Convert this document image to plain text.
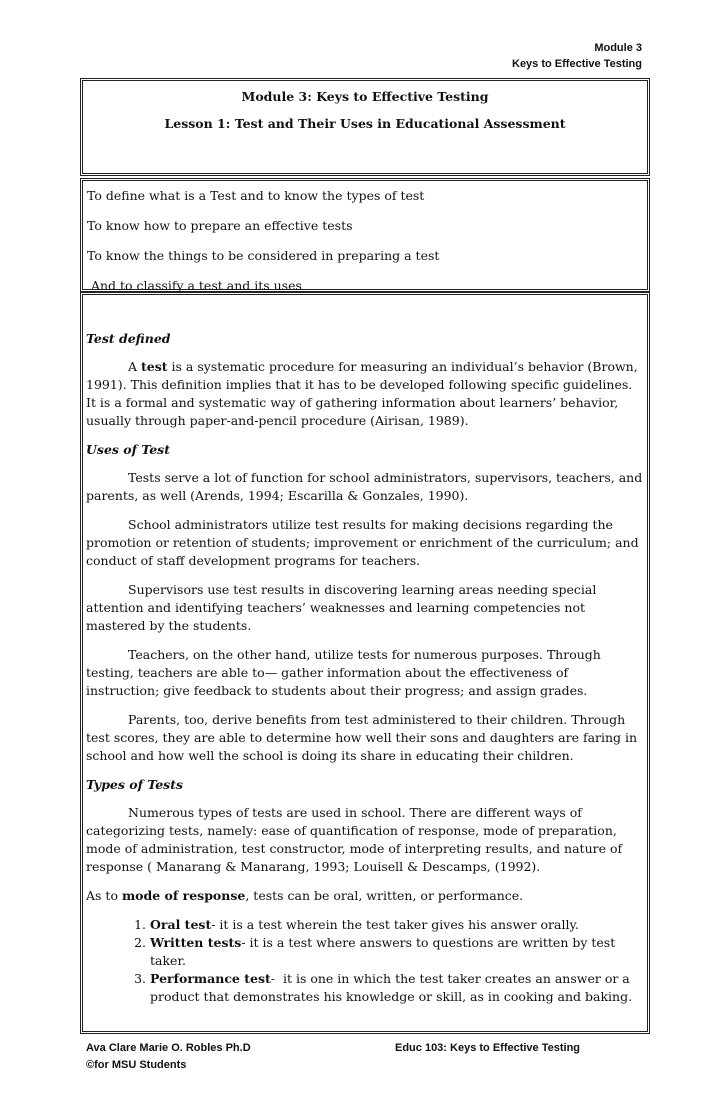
Module 3
Keys to Effective Testing
Module 3: Keys to Effective Testing
Lesson 1: Test and Their Uses in Educational Assessment
To define what is a Test and to know the types of test
To know how to prepare an effective tests
To know the things to be considered in preparing a test
And to classify a test and its uses

Test defined

A test is a systematic procedure for measuring an individual’s behavior (Brown, 1991). This definition implies that it has to be developed following specific guidelines. It is a formal and systematic way of gathering information about learners’ behavior, usually through paper-and-pencil procedure (Airisan, 1989).

Uses of Test

Tests serve a lot of function for school administrators, supervisors, teachers, and parents, as well (Arends, 1994; Escarilla & Gonzales, 1990).

School administrators utilize test results for making decisions regarding the promotion or retention of students; improvement or enrichment of the curriculum; and conduct of staff development programs for teachers.

Supervisors use test results in discovering learning areas needing special attention and identifying teachers’ weaknesses and learning competencies not mastered by the students.

Teachers, on the other hand, utilize tests for numerous purposes. Through testing, teachers are able to— gather information about the effectiveness of instruction; give feedback to students about their progress; and assign grades.

Parents, too, derive benefits from test administered to their children. Through test scores, they are able to determine how well their sons and daughters are faring in school and how well the school is doing its share in educating their children.

Types of Tests

Numerous types of tests are used in school. There are different ways of categorizing tests, namely: ease of quantification of response, mode of preparation, mode of administration, test constructor, mode of interpreting results, and nature of response ( Manarang & Manarang, 1993; Louisell & Descamps, (1992).

As to mode of response, tests can be oral, written, or performance.

1. Oral test- it is a test wherein the test taker gives his answer orally.
2. Written tests- it is a test where answers to questions are written by test taker.
3. Performance test-  it is one in which the test taker creates an answer or a product that demonstrates his knowledge or skill, as in cooking and baking.
Ava Clare Marie O. Robles Ph.D
©for MSU Students
Educ 103: Keys to Effective Testing
